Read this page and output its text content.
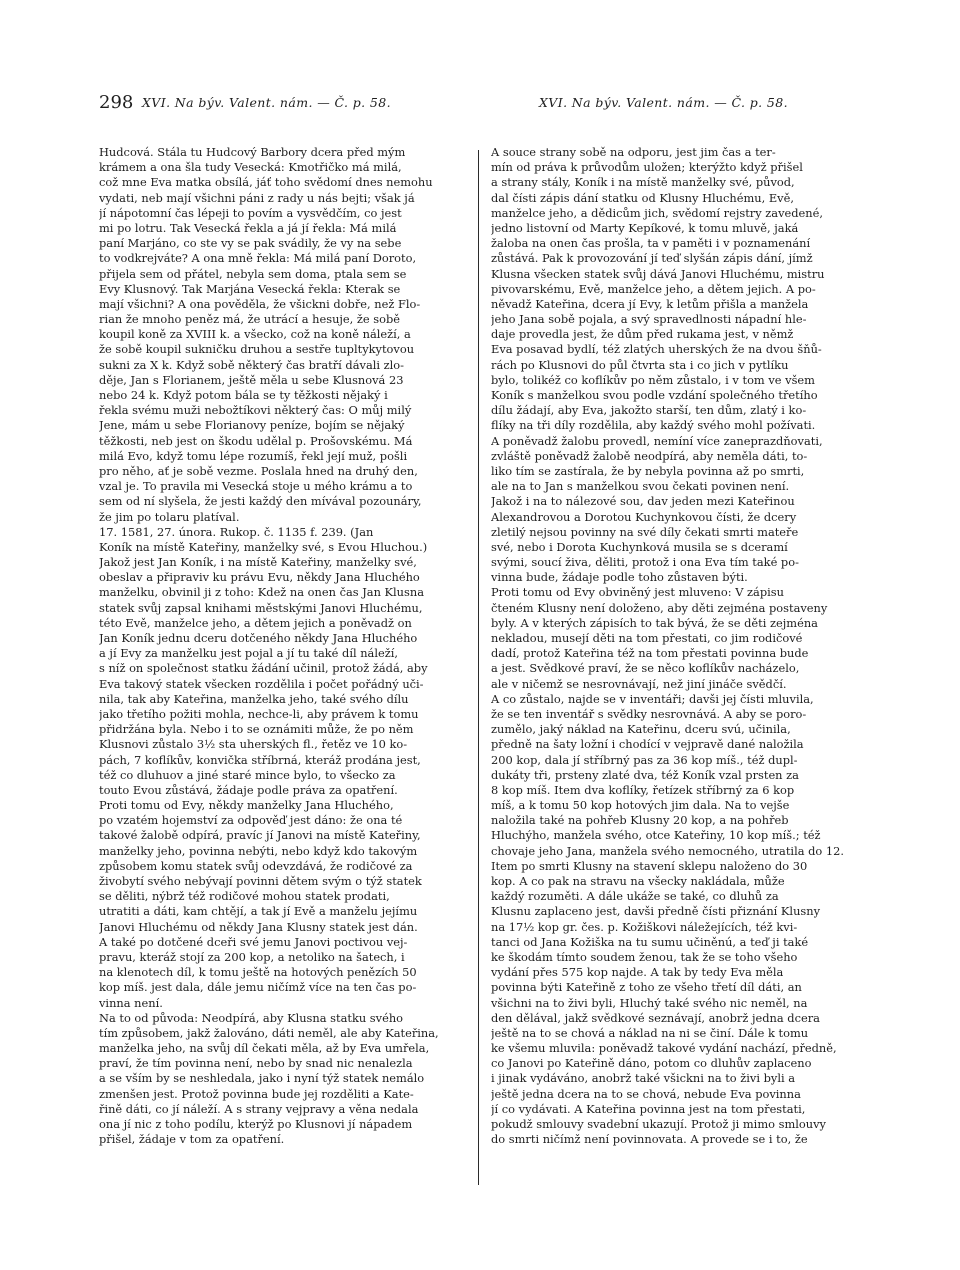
298 XVI. Na býv. Valent. nám. — Č. p. 58.	XVI. Na býv. Valent. nám. — Č. p. 58.
Hudcová. Stála tu Hudcový Barbory dcera před mým
krámem a ona šla tudy Vesecká: Kmotřičko má milá,
což mne Eva matka obsílá, jáť toho svědomí dnes nemohu
vydati, neb mají všichni páni z rady u nás bejti; však já
jí nápotomní čas lépeji to povím a vysvědčím, co jest
mi po lotru. Tak Vesecká řekla a já jí řekla: Má milá
paní Marjáno, co ste vy se pak svádily, že vy na sebe
to vodkrejváte? A ona mně řekla: Má milá paní Doroto,
přijela sem od přátel, nebyla sem doma, ptala sem se
Evy Klusnový. Tak Marjána Vesecká řekla: Kterak se
mají všichni? A ona pověděla, že všickni dobře, než Flo-
rian že mnoho peněz má, že utrácí a hesuje, že sobě
koupil koně za XVIII k. a všecko, což na koně náleží, a
že sobě koupil sukničku druhou a sestře tupltykytovou
sukni za X k. Když sobě některý čas bratří dávali zlo-
děje, Jan s Florianem, ještě měla u sebe Klusnová 23
nebo 24 k. Když potom bála se ty těžkosti nějaký i
řekla svému muži nebožtíkovi některý čas: O můj milý
Jene, mám u sebe Florianovy peníze, bojím se nějaký
těžkosti, neb jest on škodu udělal p. Prošovskému. Má
milá Evo, když tomu lépe rozumíš, řekl její muž, pošli
pro něho, ať je sobě vezme. Poslala hned na druhý den,
vzal je. To pravila mi Vesecká stoje u mého krámu a to
sem od ní slyšela, že jesti každý den mívával pozounáry,
že jim po tolaru platíval.
17. 1581, 27. února. Rukop. č. 1135 f. 239. (Jan
Koník na místě Kateřiny, manželky své, s Evou Hluchou.)
Jakož jest Jan Koník, i na místě Kateřiny, manželky své,
obeslav a připraviv ku právu Evu, někdy Jana Hluchého
manželku, obvinil ji z toho: Kdež na onen čas Jan Klusna
statek svůj zapsal knihami městskými Janovi Hluchému,
této Evě, manželce jeho, a dětem jejich a poněvadž on
Jan Koník jednu dceru dotčeného někdy Jana Hluchého
a jí Evy za manželku jest pojal a jí tu také díl náleží,
s níž on společnost statku žádání učinil, protož žádá, aby
Eva takový statek všecken rozdělila i počet pořádný uči-
nila, tak aby Kateřina, manželka jeho, také svého dílu
jako třetího požiti mohla, nechce-li, aby právem k tomu
přidržána byla. Nebo i to se oznámiti může, že po něm
Klusnovi zůstalo 3½ sta uherských fl., řetěz ve 10 ko-
pách, 7 koflíkův, konvička stříbrná, kteráž prodána jest,
též co dluhuov a jiné staré mince bylo, to všecko za
touto Evou zůstává, žádaje podle práva za opatření.
Proti tomu od Evy, někdy manželky Jana Hluchého,
po vzatém hojemství za odpověď jest dáno: že ona té
takové žalobě odpírá, pravíc jí Janovi na místě Kateřiny,
manželky jeho, povinna nebýti, nebo když kdo takovým
způsobem komu statek svůj odevzdává, že rodičové za
živobytí svého nebývají povinni dětem svým o týž statek
se děliti, nýbrž též rodičové mohou statek prodati,
utratiti a dáti, kam chtějí, a tak jí Evě a manželu jejímu
Janovi Hluchému od někdy Jana Klusny statek jest dán.
A také po dotčené dceři své jemu Janovi poctivou vej-
pravu, kteráž stojí za 200 kop, a netoliko na šatech, i
na klenotech díl, k tomu ještě na hotových penězích 50
kop míš. jest dala, dále jemu ničímž více na ten čas po-
vinna není.
Na to od původa: Neodpírá, aby Klusna statku svého
tím způsobem, jakž žalováno, dáti neměl, ale aby Kateřina,
manželka jeho, na svůj díl čekati měla, až by Eva umřela,
praví, že tím povinna není, nebo by snad nic nenalezla
a se vším by se neshledala, jako i nyní týž statek nemálo
zmenšen jest. Protož povinna bude jej rozděliti a Kate-
řině dáti, co jí náleží. A s strany vejpravy a věna nedala
ona jí nic z toho podílu, kterýž po Klusnovi jí nápadem
přišel, žádaje v tom za opatření.
A souce strany sobě na odporu, jest jim čas a ter-
mín od práva k průvodům uložen; kterýžto když přišel
a strany stály, Koník i na místě manželky své, původ,
dal čísti zápis dání statku od Klusny Hluchému, Evě,
manželce jeho, a dědicům jich, svědomí rejstry zavedené,
jedno listovní od Marty Kepíkové, k tomu mluvě, jaká
žaloba na onen čas prošla, ta v paměti i v poznamenání
zůstává. Pak k provozování jí teď slyšán zápis dání, jímž
Klusna všecken statek svůj dává Janovi Hluchému, mistru
pivovarskému, Evě, manželce jeho, a dětem jejich. A po-
něvadž Kateřina, dcera jí Evy, k letům přišla a manžela
jeho Jana sobě pojala, a svý spravedlnosti nápadní hle-
daje provedla jest, že dům před rukama jest, v němž
Eva posavad bydlí, též zlatých uherských že na dvou šňů-
rách po Klusnovi do půl čtvrta sta i co jich v pytlíku
bylo, tolikéž co koflíkův po něm zůstalo, i v tom ve všem
Koník s manželkou svou podle vzdání společného třetího
dílu žádají, aby Eva, jakožto starší, ten dům, zlatý i ko-
flíky na tři díly rozdělila, aby každý svého mohl požívati.
A poněvadž žalobu provedl, nemíní více zaneprazdňovati,
zvláště poněvadž žalobě neodpírá, aby neměla dáti, to-
liko tím se zastírala, že by nebyla povinna až po smrti,
ale na to Jan s manželkou svou čekati povinen není.
Jakož i na to nálezové sou, dav jeden mezi Kateřinou
Alexandrovou a Dorotou Kuchynkovou čísti, že dcery
zletilý nejsou povinny na své díly čekati smrti mateře
své, nebo i Dorota Kuchynková musila se s dceramí
svými, soucí živa, děliti, protož i ona Eva tím také po-
vinna bude, žádaje podle toho zůstaven býti.
Proti tomu od Evy obviněný jest mluveno: V zápisu
čteném Klusny není doloženo, aby děti zejména postaveny
byly. A v kterých zápisích to tak bývá, že se děti zejména
nekladou, musejí děti na tom přestati, co jim rodičové
dadí, protož Kateřina též na tom přestati povinna bude
a jest. Svědkové praví, že se něco koflíkův nacházelo,
ale v ničemž se nesrovnávají, než jiní jináče svědčí.
A co zůstalo, najde se v inventáři; davši jej čísti mluvila,
že se ten inventář s svědky nesrovnává. A aby se poro-
zumělo, jaký náklad na Kateřinu, dceru svú, učinila,
předně na šaty ložní i chodící v vejpravě dané naložila
200 kop, dala jí stříbrný pas za 36 kop míš., též dupl-
dukáty tři, prsteny zlaté dva, též Koník vzal prsten za
8 kop míš. Item dva koflíky, řetízek stříbrný za 6 kop
míš, a k tomu 50 kop hotových jim dala. Na to vejše
naložila také na pohřeb Klusny 20 kop, a na pohřeb
Hluchýho, manžela svého, otce Kateřiny, 10 kop míš.; též
chovaje jeho Jana, manžela svého nemocného, utratila do 12.
Item po smrti Klusny na stavení sklepu naloženo do 30
kop. A co pak na stravu na všecky nakládala, může
každý rozuměti. A dále ukáže se také, co dluhů za
Klusnu zaplaceno jest, davši předně čísti přiznání Klusny
na 17½ kop gr. čes. p. Kožiškovi náležejících, též kvi-
tanci od Jana Kožiška na tu sumu učiněnú, a teď ji také
ke škodám tímto soudem ženou, tak že se toho všeho
vydání přes 575 kop najde. A tak by tedy Eva měla
povinna býti Kateřině z toho ze všeho třetí díl dáti, an
všichni na to živi byli, Hluchý také svého nic neměl, na
den dělával, jakž svědkové seznávají, anobrž jedna dcera
ještě na to se chová a náklad na ni se činí. Dále k tomu
ke všemu mluvila: poněvadž takové vydání nachází, předně,
co Janovi po Kateřině dáno, potom co dluhův zaplaceno
i jinak vydáváno, anobrž také všickni na to živi byli a
ještě jedna dcera na to se chová, nebude Eva povinna
jí co vydávati. A Kateřina povinna jest na tom přestati,
pokudž smlouvy svadební ukazují. Protož ji mimo smlouvy
do smrti ničímž není povinnovata. A provede se i to, že
